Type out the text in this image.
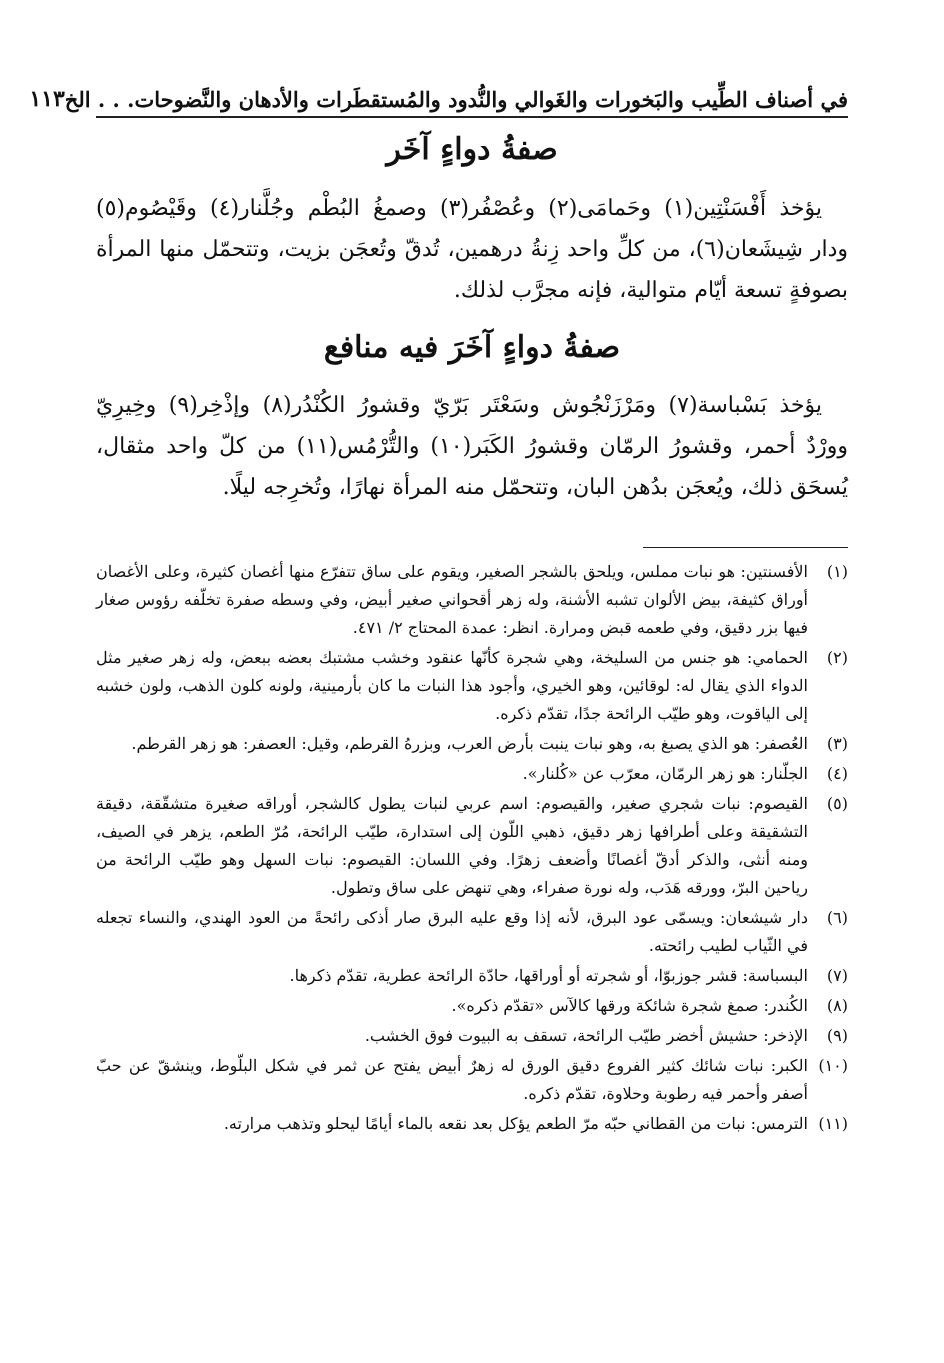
في أصناف الطِّيب والبَخورات والغَوالي والنُّدود والمُستقطَرات والأدهان والنَّضوحات. . . الخ
١١٣
صفةُ دواءٍ آخَر

يؤخذ أَفْسَنْتِين(١) وحَمامَى(٢) وعُصْفُر(٣) وصمغُ البُطْم وجُلَّنار(٤) وقَيْصُوم(٥) ودار شِيشَعان(٦)، من كلِّ واحد زِنةُ درهمين، تُدقّ وتُعجَن بزيت، وتتحمّل منها المرأة بصوفةٍ تسعة أيّام متوالية، فإنه مجرَّب لذلك.

صفةُ دواءٍ آخَرَ فيه منافع

يؤخذ بَسْباسة(٧) ومَرْزَنْجُوش وسَعْتَر بَرّيّ وقشورُ الكُنْدُر(٨) وإذْخِر(٩) وخِيرِيّ وورْدٌ أحمر، وقشورُ الرمّان وقشورُ الكَبَر(١٠) والتُّرْمُس(١١) من كلّ واحد مثقال، يُسحَق ذلك، ويُعجَن بدُهن البان، وتتحمّل منه المرأة نهارًا، وتُخرِجه ليلًا.

(١)
الأفسنتين: هو نبات مملس، ويلحق بالشجر الصغير، ويقوم على ساق تتفرّع منها أغصان كثيرة، وعلى الأغصان أوراق كثيفة، بيض الألوان تشبه الأشنة، وله زهر أقحواني صغير أبيض، وفي وسطه صفرة تخلّفه رؤوس صغار فيها بزر دقيق، وفي طعمه قبض ومرارة. انظر: عمدة المحتاج ٢/ ٤٧١.
(٢)
الحمامي: هو جنس من السليخة، وهي شجرة كأنّها عنقود وخشب مشتبك بعضه ببعض، وله زهر صغير مثل الدواء الذي يقال له: لوقائين، وهو الخيري، وأجود هذا النبات ما كان بأرمينية، ولونه كلون الذهب، ولون خشبه إلى الياقوت، وهو طيّب الرائحة جدًا، تقدّم ذكره.
(٣)
العُصفر: هو الذي يصبغ به، وهو نبات ينبت بأرض العرب، وبزرهُ القرطم، وقيل: العصفر: هو زهر القرطم.
(٤)
الجلّنار: هو زهر الرمّان، معرّب عن «كُلنار».
(٥)
القيصوم: نبات شجري صغير، والقيصوم: اسم عربي لنبات يطول كالشجر، أوراقه صغيرة متشقّقة، دقيقة التشقيقة وعلى أطرافها زهر دقيق، ذهبي اللّون إلى استدارة، طيّب الرائحة، مُرّ الطعم، يزهر في الصيف، ومنه أنثى، والذكر أدقّ أغصانًا وأضعف زهرًا. وفي اللسان: القيصوم: نبات السهل وهو طيّب الرائحة من رياحين البرّ، وورقه هَدَب، وله نورة صفراء، وهي تنهض على ساق وتطول.
(٦)
دار شيشعان: ويسمّى عود البرق، لأنه إذا وقع عليه البرق صار أذكى رائحةً من العود الهندي، والنساء تجعله في الثّياب لطيب رائحته.
(٧)
البسباسة: قشر جوزبوّا، أو شجرته أو أوراقها، حادّة الرائحة عطرية، تقدّم ذكرها.
(٨)
الكُندر: صمغ شجرة شائكة ورقها كالآس «تقدّم ذكره».
(٩)
الإذخر: حشيش أخضر طيّب الرائحة، تسقف به البيوت فوق الخشب.
(١٠)
الكبر: نبات شائك كثير الفروع دقيق الورق له زهرٌ أبيض يفتح عن ثمر في شكل البلّوط، وينشقّ عن حبّ أصفر وأحمر فيه رطوبة وحلاوة، تقدّم ذكره.
(١١)
الترمس: نبات من القطاني حبّه مرّ الطعم يؤكل بعد نقعه بالماء أيامًا ليحلو وتذهب مرارته.
